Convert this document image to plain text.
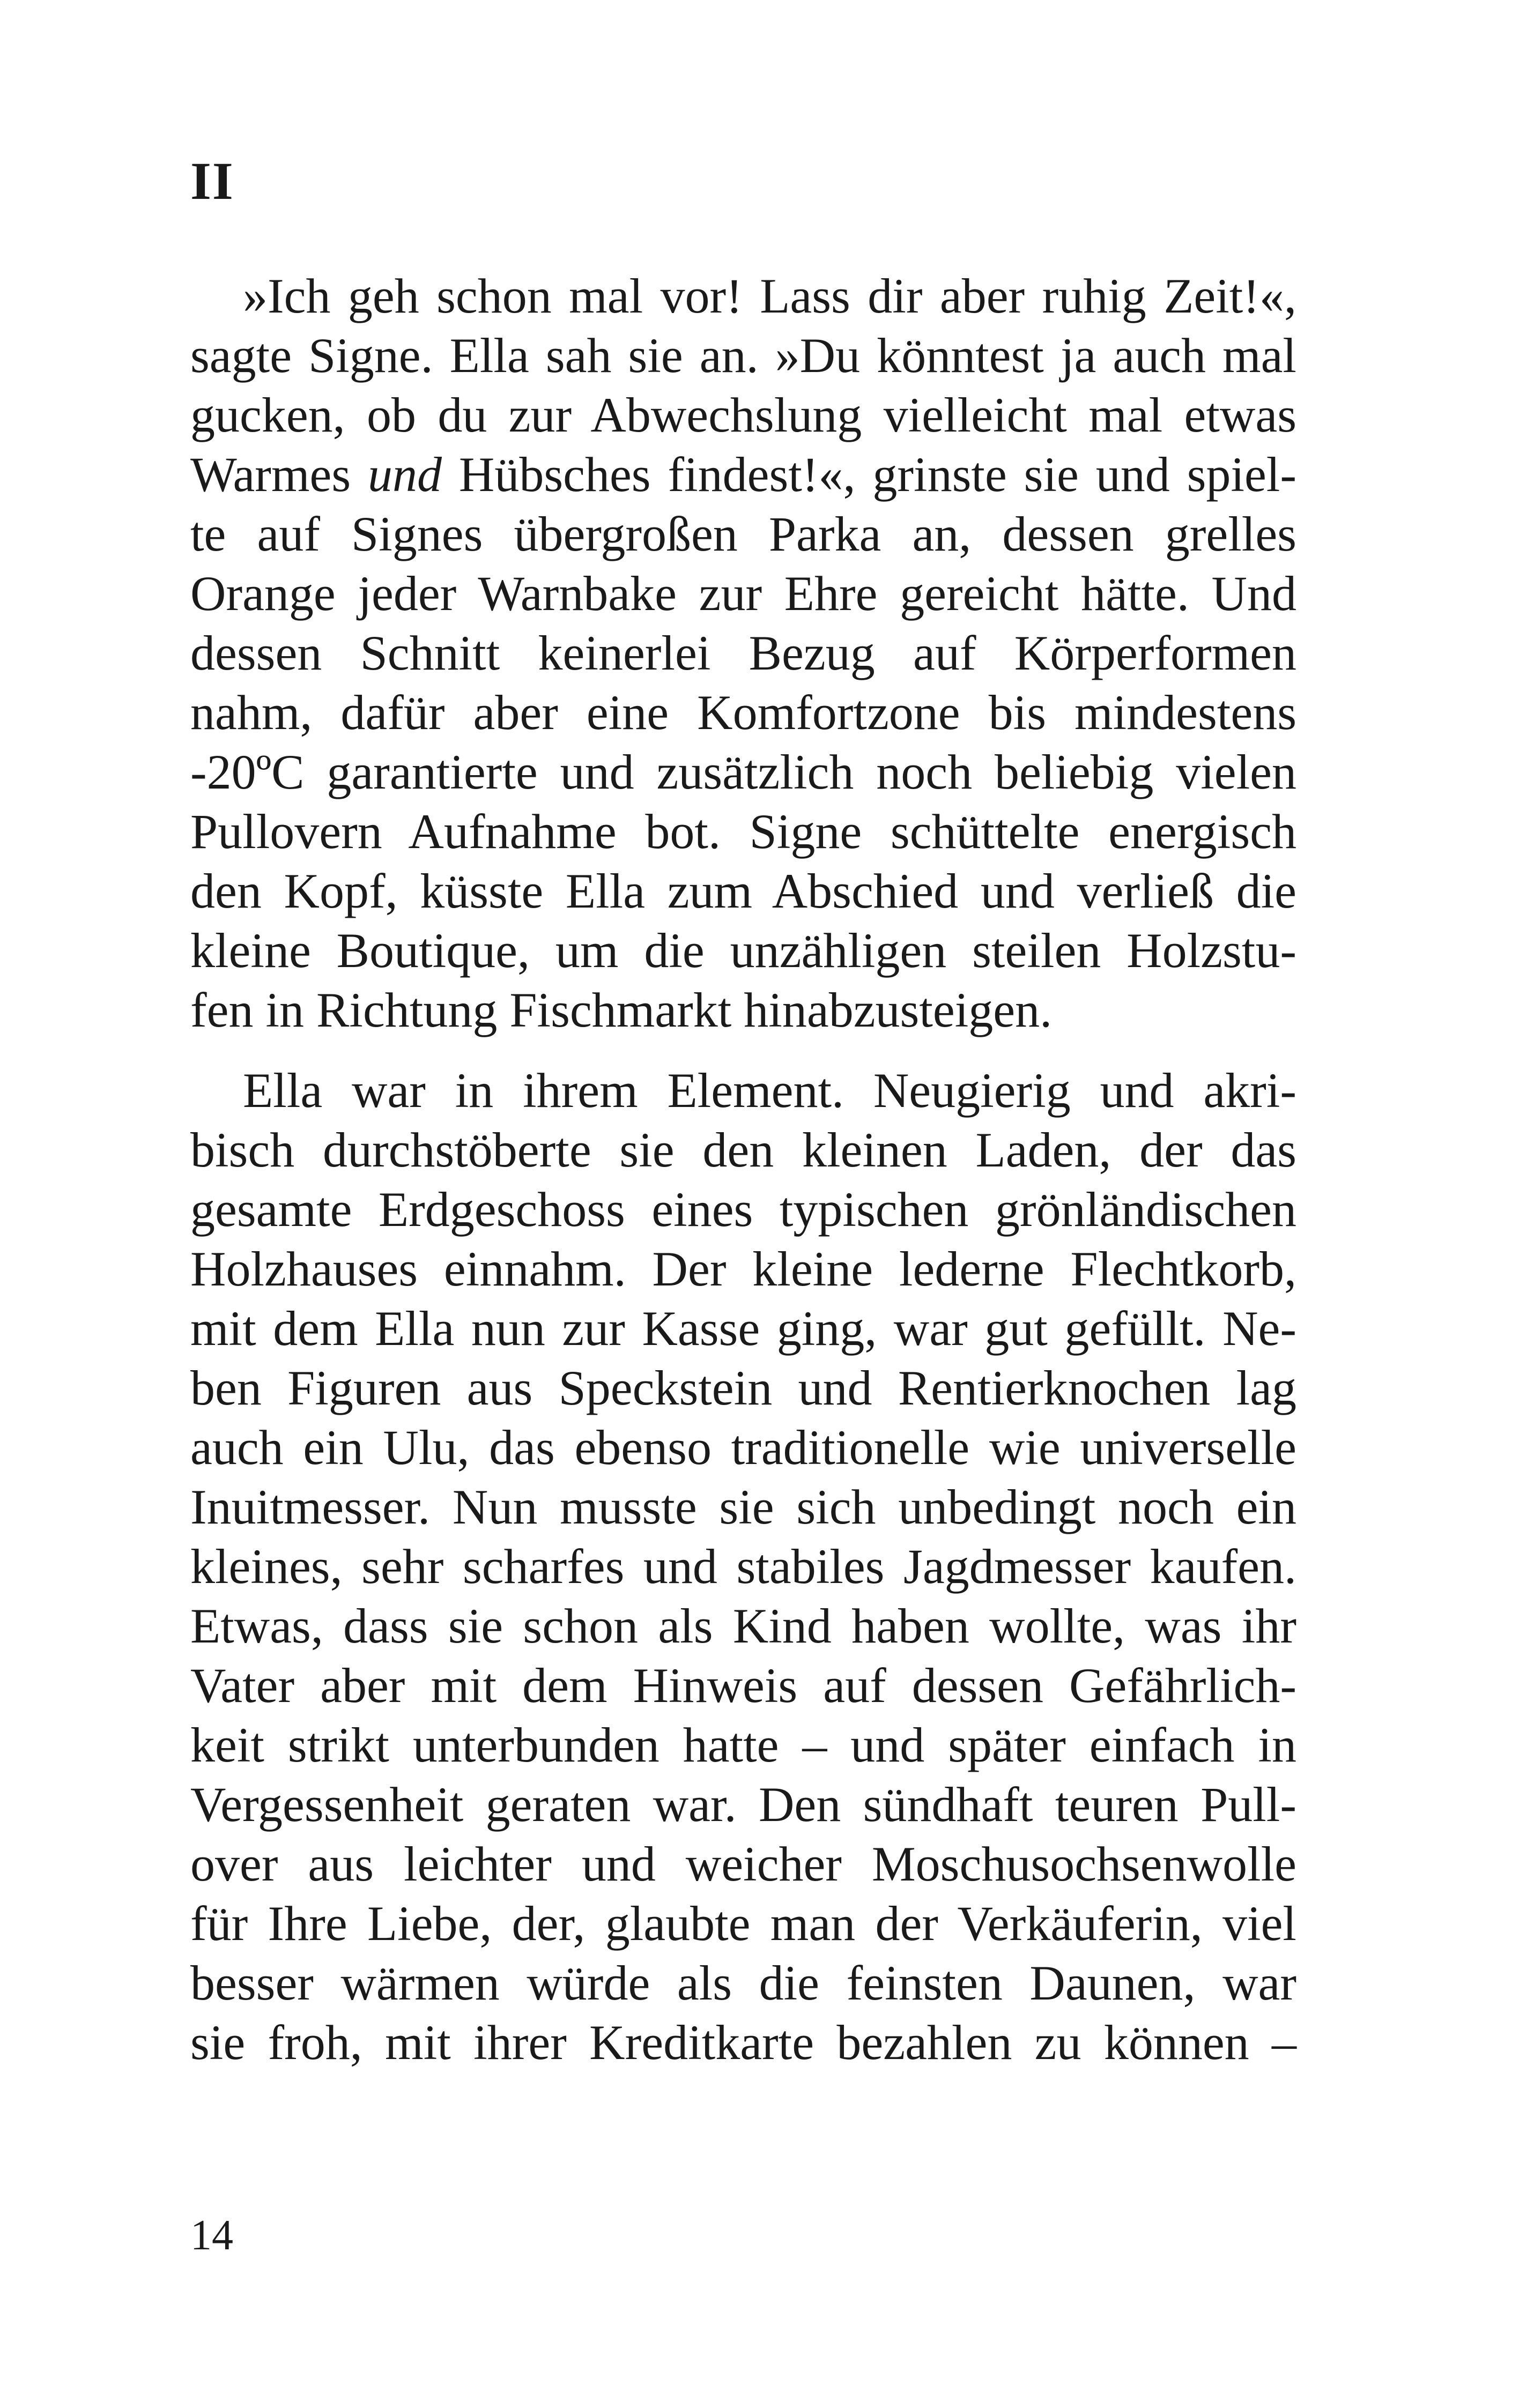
II
»Ich geh schon mal vor! Lass dir aber ruhig Zeit!«,
sagte Signe. Ella sah sie an. »Du könntest ja auch mal
gucken, ob du zur Abwechslung vielleicht mal etwas
Warmes und Hübsches findest!«, grinste sie und spiel-
te auf Signes übergroßen Parka an, dessen grelles
Orange jeder Warnbake zur Ehre gereicht hätte. Und
dessen Schnitt keinerlei Bezug auf Körperformen
nahm, dafür aber eine Komfortzone bis mindestens
-20ºC garantierte und zusätzlich noch beliebig vielen
Pullovern Aufnahme bot. Signe schüttelte energisch
den Kopf, küsste Ella zum Abschied und verließ die
kleine Boutique, um die unzähligen steilen Holzstu-
fen in Richtung Fischmarkt hinabzusteigen.
Ella war in ihrem Element. Neugierig und akri-
bisch durchstöberte sie den kleinen Laden, der das
gesamte Erdgeschoss eines typischen grönländischen
Holzhauses einnahm. Der kleine lederne Flechtkorb,
mit dem Ella nun zur Kasse ging, war gut gefüllt. Ne-
ben Figuren aus Speckstein und Rentierknochen lag
auch ein Ulu, das ebenso traditionelle wie universelle
Inuitmesser. Nun musste sie sich unbedingt noch ein
kleines, sehr scharfes und stabiles Jagdmesser kaufen.
Etwas, dass sie schon als Kind haben wollte, was ihr
Vater aber mit dem Hinweis auf dessen Gefährlich-
keit strikt unterbunden hatte – und später einfach in
Vergessenheit geraten war. Den sündhaft teuren Pull-
over aus leichter und weicher Moschusochsenwolle
für Ihre Liebe, der, glaubte man der Verkäuferin, viel
besser wärmen würde als die feinsten Daunen, war
sie froh, mit ihrer Kreditkarte bezahlen zu können –
14
